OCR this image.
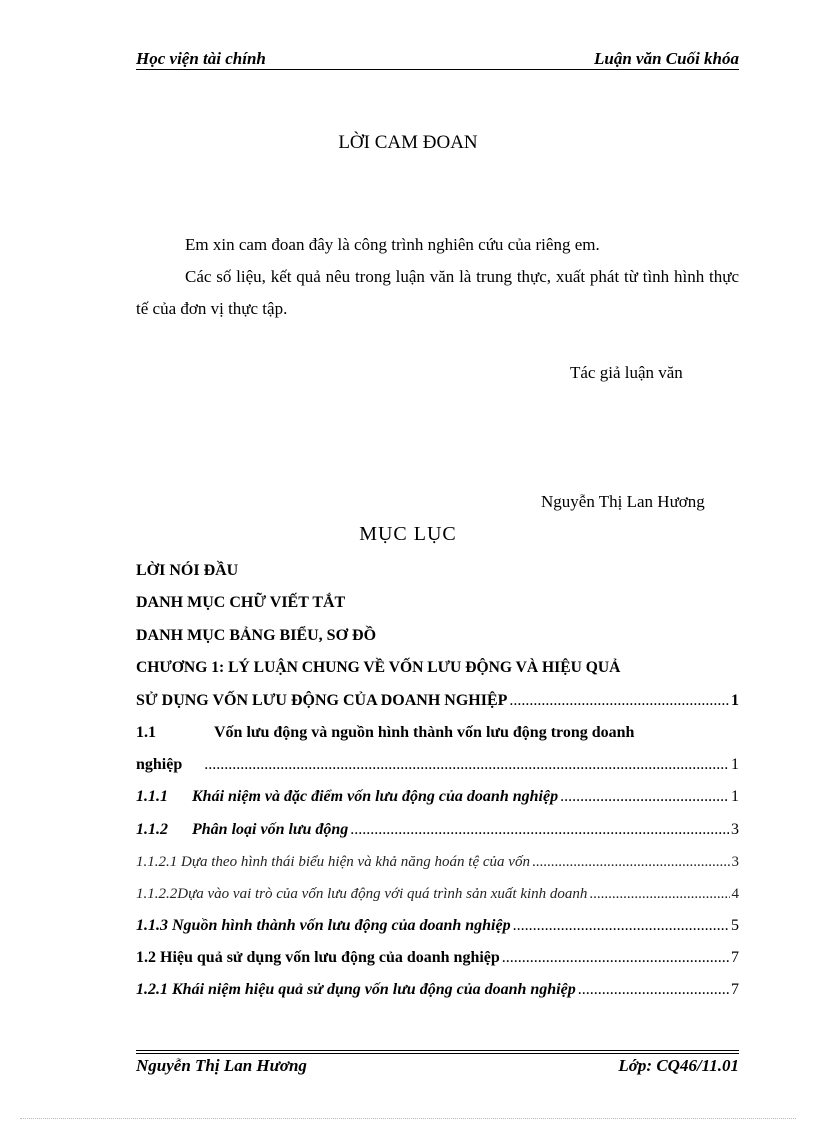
Học viện tài chính	Luận văn Cuối khóa
LỜI CAM ĐOAN
Em xin cam đoan đây là công trình nghiên cứu của riêng em.
Các số liệu, kết quả nêu trong luận văn là trung thực, xuất phát từ tình hình thực tế của đơn vị thực tập.
Tác giả luận văn
Nguyễn Thị Lan Hương
MỤC LỤC
LỜI NÓI ĐẦU
DANH MỤC CHỮ VIẾT TẮT
DANH MỤC BẢNG BIỂU, SƠ ĐỒ
CHƯƠNG 1: LÝ LUẬN CHUNG VỀ VỐN LƯU ĐỘNG VÀ HIỆU QUẢ
SỬ DỤNG VỐN LƯU ĐỘNG CỦA DOANH NGHIỆP .....	1
1.1	Vốn lưu động và nguồn hình thành vốn lưu động trong doanh
nghiệp .....	1
1.1.1 Khái niệm và đặc điểm vốn lưu động của doanh nghiệp .....	1
1.1.2 Phân loại vốn lưu động .....	3
1.1.2.1 Dựa theo hình thái biểu hiện và khả năng hoán tệ của vốn .....	3
1.1.2.2Dựa vào vai trò của vốn lưu động với quá trình sản xuất kinh doanh .....	4
1.1.3 Nguồn hình thành vốn lưu động của doanh nghiệp .....	5
1.2 Hiệu quả sử dụng vốn lưu động của doanh nghiệp .....	7
1.2.1 Khái niệm hiệu quả sử dụng vốn lưu động của doanh nghiệp .....	7
Nguyễn Thị Lan Hương	Lớp: CQ46/11.01
